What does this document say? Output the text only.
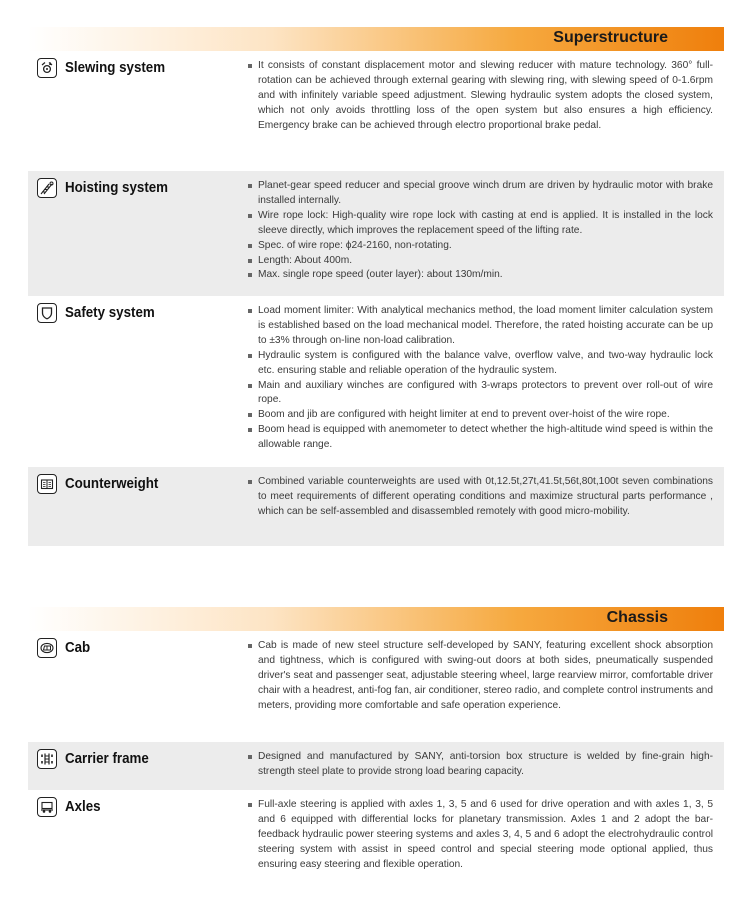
Superstructure
Slewing system	It consists of constant displacement motor and slewing reducer with mature technology. 360° full-rotation can be achieved through external gearing with slewing ring, with slewing speed of 0-1.6rpm and with infinitely variable speed adjustment. Slewing hydraulic system adopts the closed system, which not only avoids throttling loss of the open system but also ensures a high efficiency. Emergency brake can be achieved through electro proportional brake pedal.
Hoisting system	Planet-gear speed reducer and special groove winch drum are driven by hydraulic motor with brake installed internally.
Wire rope lock: High-quality wire rope lock with casting at end is applied. It is installed in the lock sleeve directly, which improves the replacement speed of the lifting rate.
Spec. of wire rope: ϕ24-2160, non-rotating.
Length: About 400m.
Max. single rope speed (outer layer): about 130m/min.
Safety system	Load moment limiter: With analytical mechanics method, the load moment limiter calculation system is established based on the load mechanical model. Therefore, the rated hoisting accurate can be up to ±3% through on-line non-load calibration.
Hydraulic system is configured with the balance valve, overflow valve, and two-way hydraulic lock etc. ensuring stable and reliable operation of the hydraulic system.
Main and auxiliary winches are configured with 3-wraps protectors to prevent over roll-out of wire rope.
Boom and jib are configured with height limiter at end to prevent over-hoist of the wire rope.
Boom head is equipped with anemometer to detect whether the high-altitude wind speed is within the allowable range.
Counterweight	Combined variable counterweights are used with 0t,12.5t,27t,41.5t,56t,80t,100t seven combinations to meet requirements of different operating conditions and maximize structural parts performance , which can be self-assembled and disassembled remotely with good micro-mobility.
Chassis
Cab	Cab is made of new steel structure self-developed by SANY, featuring excellent shock absorption and tightness, which is configured with swing-out doors at both sides, pneumatically suspended driver's seat and passenger seat, adjustable steering wheel, large rearview mirror, comfortable driver chair with a headrest, anti-fog fan, air conditioner, stereo radio, and complete control instruments and meters, providing more comfortable and safe operation experience.
Carrier frame	Designed and manufactured by SANY, anti-torsion box structure is welded by fine-grain high-strength steel plate to provide strong load bearing capacity.
Axles	Full-axle steering is applied with axles 1, 3, 5 and 6 used for drive operation and with axles 1, 3, 5 and 6 equipped with differential locks for planetary transmission. Axles 1 and 2 adopt the bar-feedback hydraulic power steering systems and axles 3, 4, 5 and 6 adopt the electrohydraulic control steering system with assist in speed control and special steering mode optional applied, thus ensuring easy steering and flexible operation.
